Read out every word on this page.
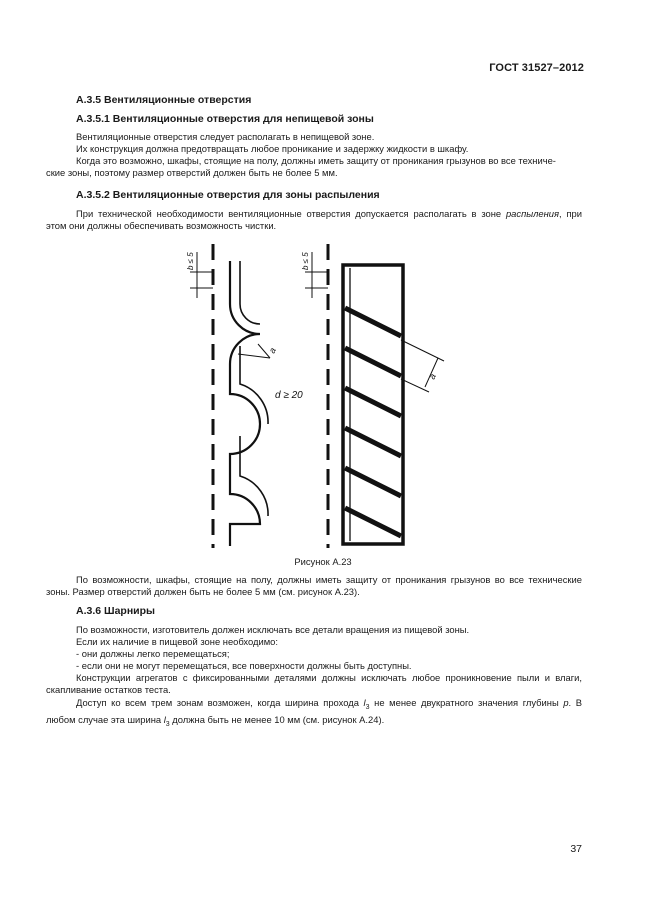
ГОСТ 31527–2012
А.3.5 Вентиляционные отверстия
А.3.5.1 Вентиляционные отверстия для непищевой зоны

Вентиляционные отверстия следует располагать в непищевой зоне.

Их конструкция должна предотвращать любое проникание и задержку жидкости в шкафу.

Когда это возможно, шкафы, стоящие на полу, должны иметь защиту от проникания грызунов во все техниче-

ские зоны, поэтому размер отверстий должен быть не более 5 мм.

А.3.5.2 Вентиляционные отверстия для зоны распыления

При технической необходимости вентиляционные отверстия допускается располагать в зоне распыления, при этом они должны обеспечивать возможность чистки.

b ≤ 5	b ≤ 5
a
a
d ≥ 20
Рисунок А.23

По возможности, шкафы, стоящие на полу, должны иметь защиту от проникания грызунов во все технические зоны. Размер отверстий должен быть не более 5 мм (см. рисунок А.23).

А.3.6 Шарниры

По возможности, изготовитель должен исключать все детали вращения из пищевой зоны.

Если их наличие в пищевой зоне необходимо:

- они должны легко перемещаться;

- если они не могут перемещаться, все поверхности должны быть доступны.

Конструкции агрегатов с фиксированными деталями должны исключать любое проникновение пыли и влаги, скапливание остатков теста.

Доступ ко всем трем зонам возможен, когда ширина прохода $l_3$ не менее двукратного значения глубины p. В любом случае эта ширина $l_3$ должна быть не менее 10 мм (см. рисунок А.24).

37
